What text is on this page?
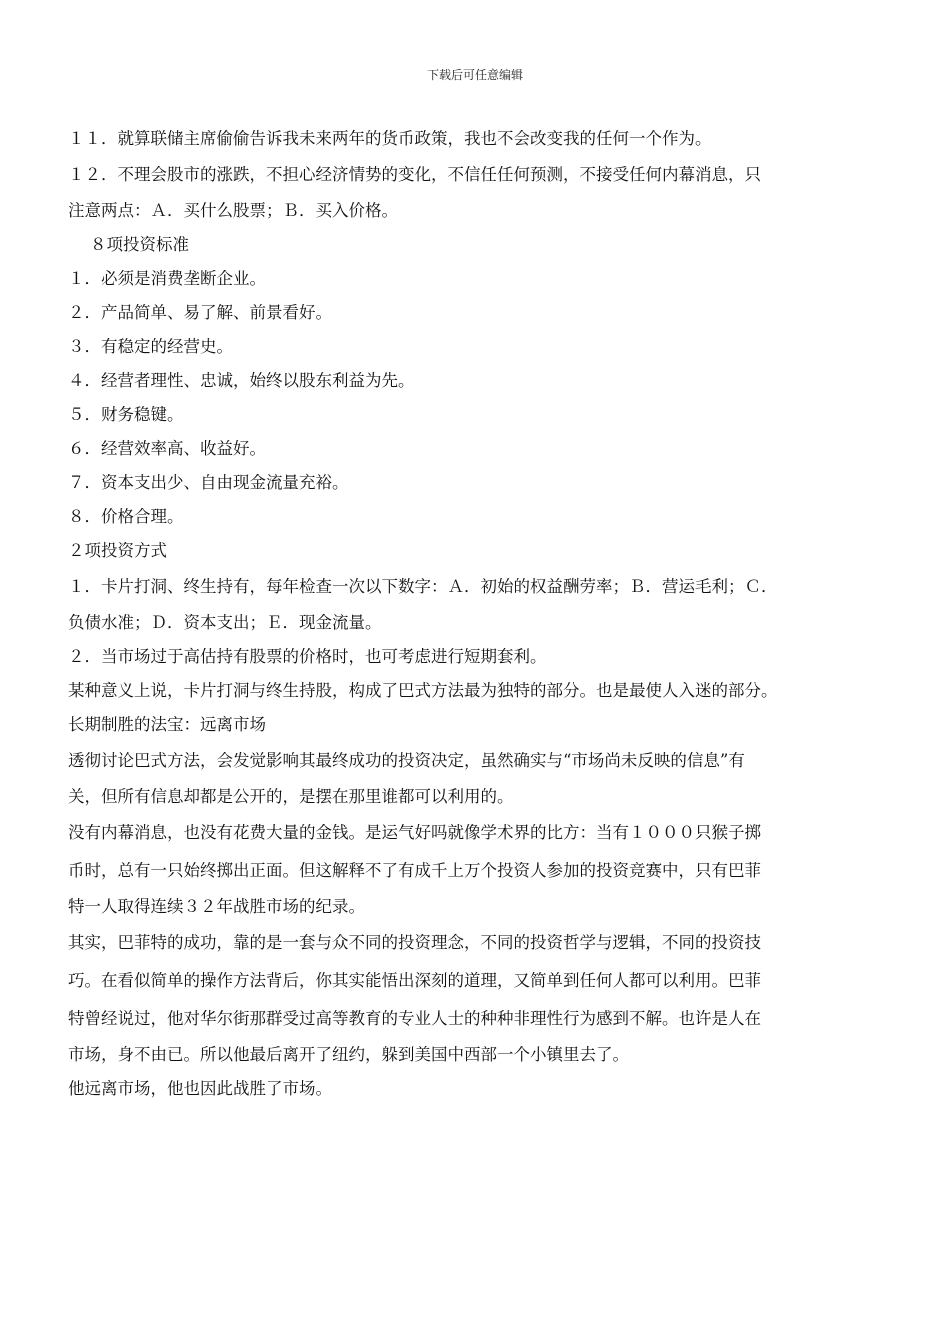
下载后可任意编辑
１１．就算联储主席偷偷告诉我未来两年的货币政策，我也不会改变我的任何一个作为。
１２．不理会股市的涨跌，不担心经济情势的变化，不信任任何预测，不接受任何内幕消息，只
注意两点：Ａ．买什么股票；Ｂ．买入价格。
８项投资标准
１．必须是消费垄断企业。
２．产品简单、易了解、前景看好。
３．有稳定的经营史。
４．经营者理性、忠诚，始终以股东利益为先。
５．财务稳键。
６．经营效率高、收益好。
７．资本支出少、自由现金流量充裕。
８．价格合理。
２项投资方式
１．卡片打洞、终生持有，每年检查一次以下数字：Ａ．初始的权益酬劳率；Ｂ．营运毛利；Ｃ．
负债水准；Ｄ．资本支出；Ｅ．现金流量。
２．当市场过于高估持有股票的价格时，也可考虑进行短期套利。
某种意义上说，卡片打洞与终生持股，构成了巴式方法最为独特的部分。也是最使人入迷的部分。
长期制胜的法宝：远离市场
透彻讨论巴式方法，会发觉影响其最终成功的投资决定，虽然确实与“市场尚未反映的信息”有
关，但所有信息却都是公开的，是摆在那里谁都可以利用的。
没有内幕消息，也没有花费大量的金钱。是运气好吗就像学术界的比方：当有１０００只猴子掷
币时，总有一只始终掷出正面。但这解释不了有成千上万个投资人参加的投资竞赛中，只有巴菲
特一人取得连续３２年战胜市场的纪录。
其实，巴菲特的成功，靠的是一套与众不同的投资理念，不同的投资哲学与逻辑，不同的投资技
巧。在看似简单的操作方法背后，你其实能悟出深刻的道理，又简单到任何人都可以利用。巴菲
特曾经说过，他对华尔街那群受过高等教育的专业人士的种种非理性行为感到不解。也许是人在
市场，身不由已。所以他最后离开了纽约，躲到美国中西部一个小镇里去了。
他远离市场，他也因此战胜了市场。
